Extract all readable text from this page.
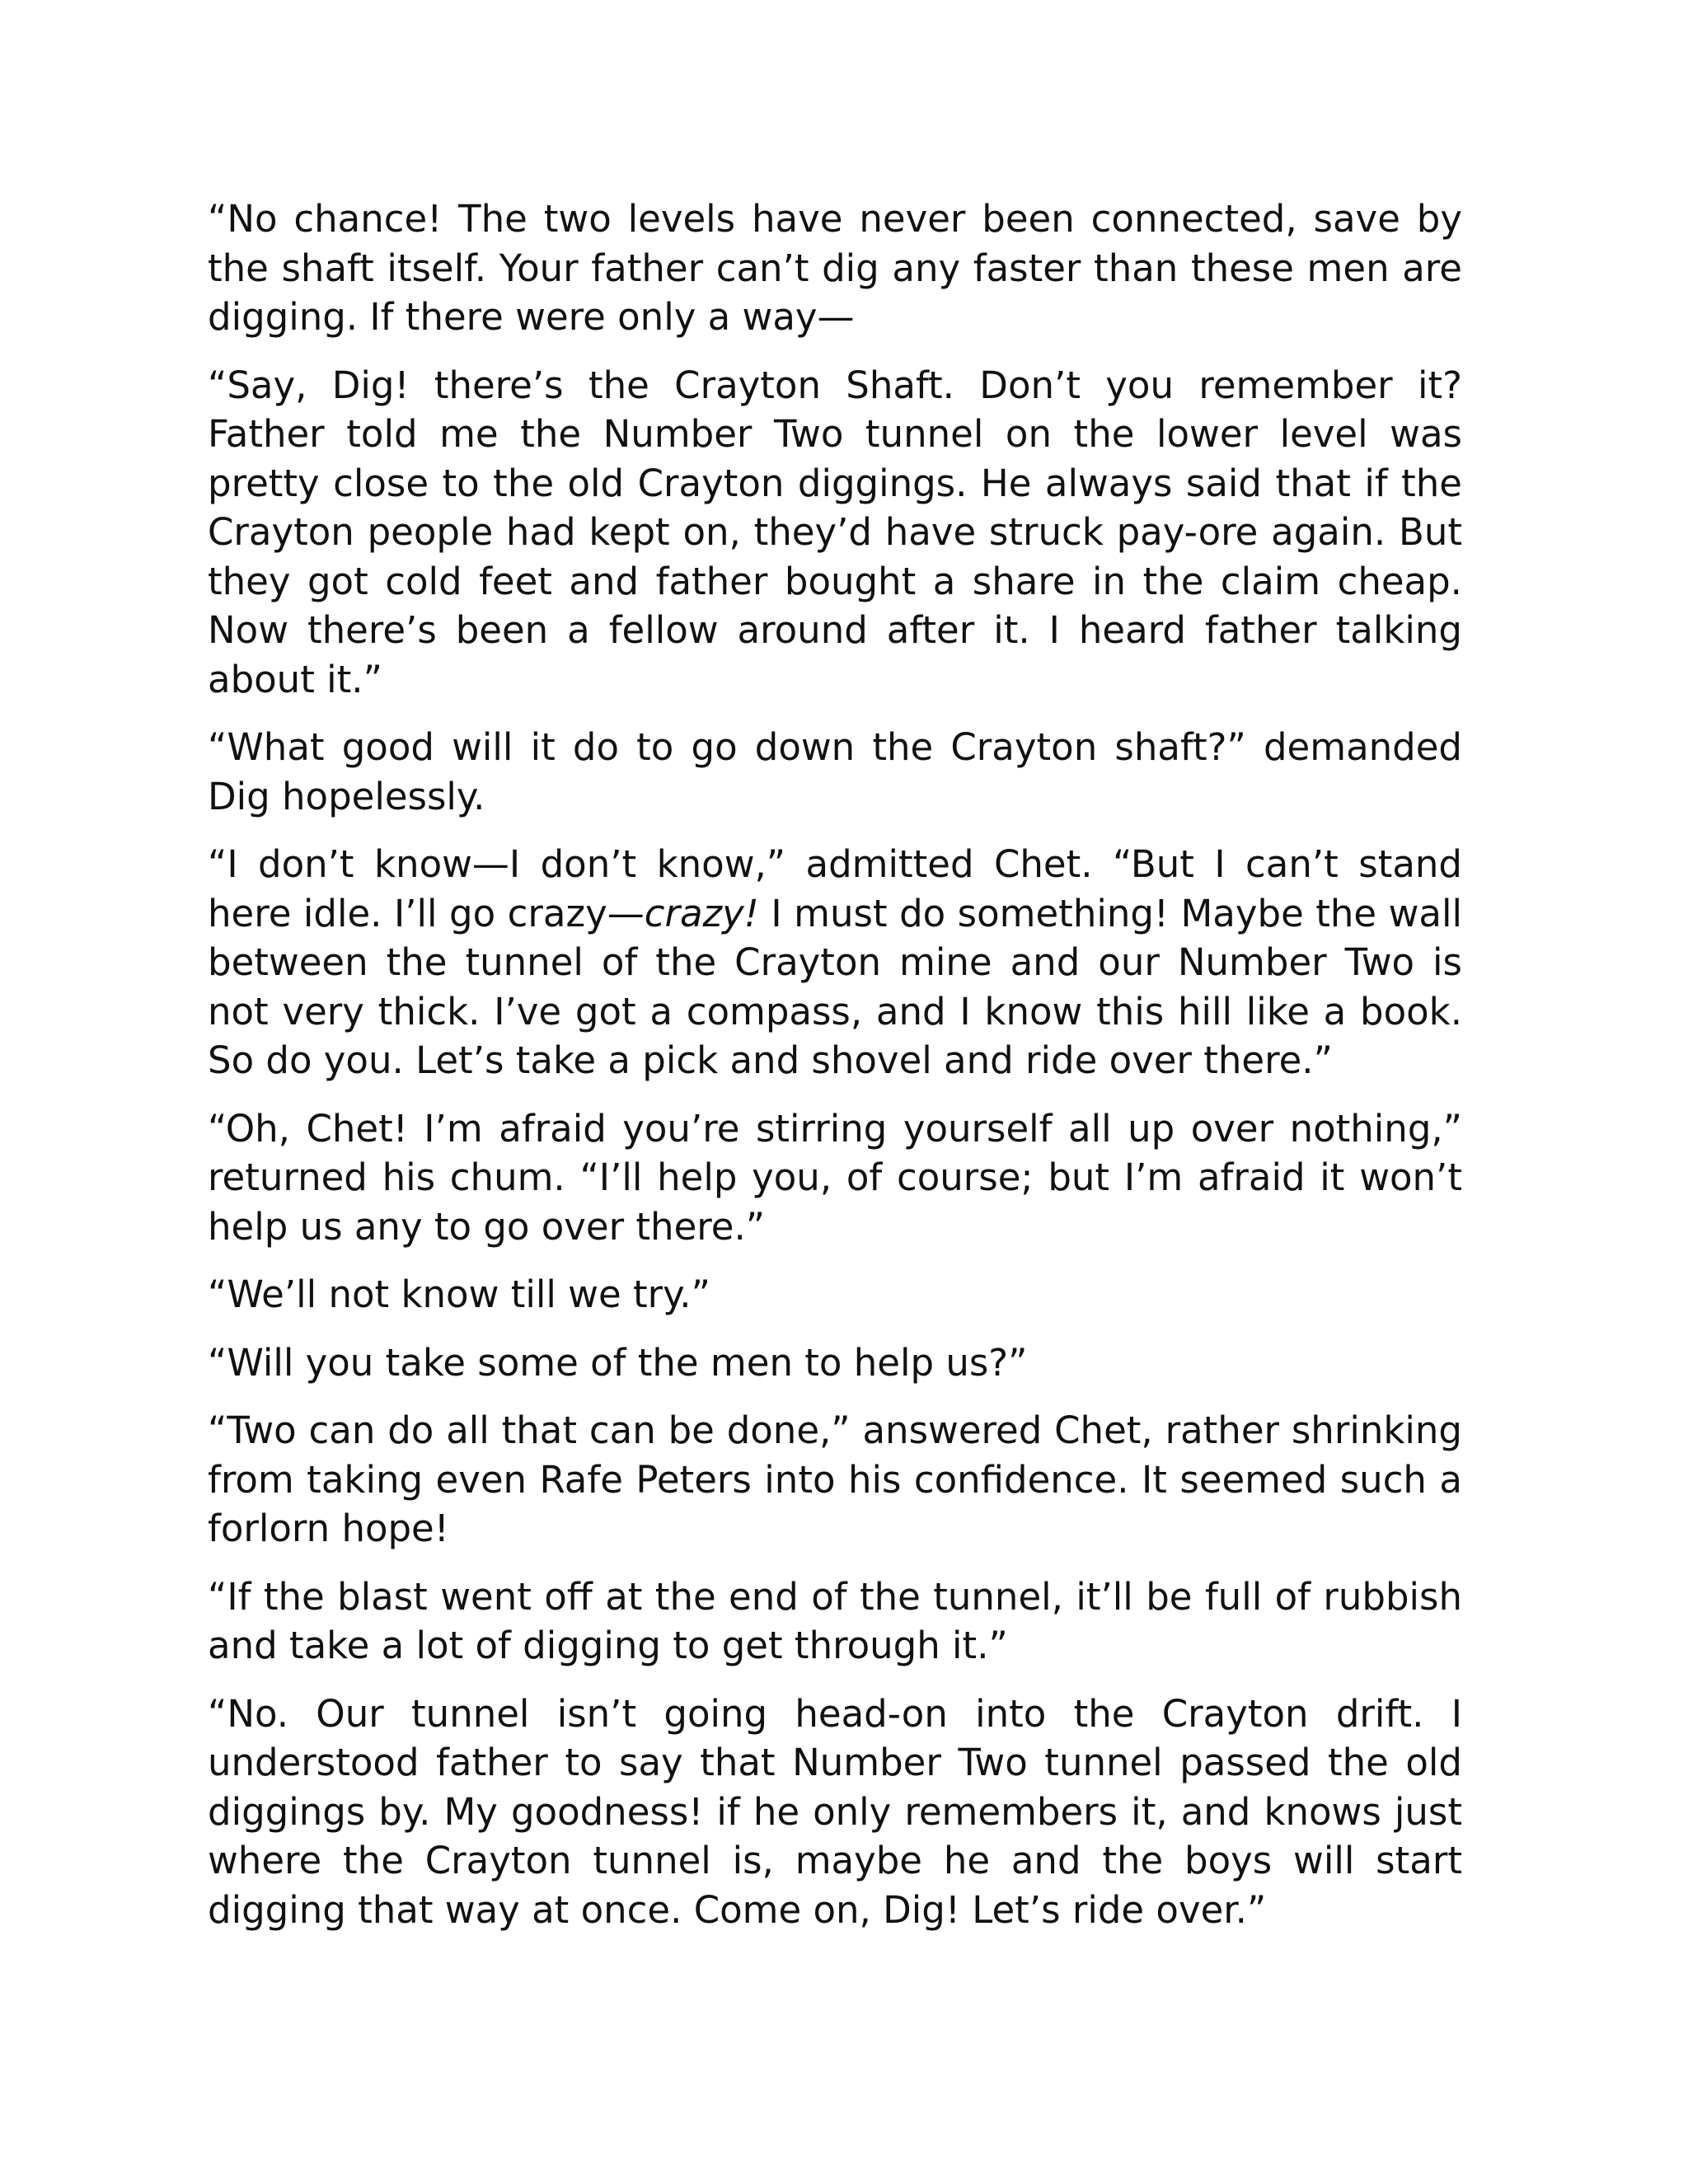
“No chance! The two levels have never been connected, save by the shaft itself. Your father can’t dig any faster than these men are digging. If there were only a way—

“Say, Dig! there’s the Crayton Shaft. Don’t you remember it? Father told me the Number Two tunnel on the lower level was pretty close to the old Crayton diggings. He always said that if the Crayton people had kept on, they’d have struck pay-ore again. But they got cold feet and father bought a share in the claim cheap. Now there’s been a fellow around after it. I heard father talking about it.”

“What good will it do to go down the Crayton shaft?” demanded Dig hopelessly.

“I don’t know—I don’t know,” admitted Chet. “But I can’t stand here idle. I’ll go crazy—crazy! I must do something! Maybe the wall between the tunnel of the Crayton mine and our Number Two is not very thick. I’ve got a compass, and I know this hill like a book. So do you. Let’s take a pick and shovel and ride over there.”

“Oh, Chet! I’m afraid you’re stirring yourself all up over nothing,” returned his chum. “I’ll help you, of course; but I’m afraid it won’t help us any to go over there.”

“We’ll not know till we try.”

“Will you take some of the men to help us?”

“Two can do all that can be done,” answered Chet, rather shrinking from taking even Rafe Peters into his confidence. It seemed such a forlorn hope!

“If the blast went off at the end of the tunnel, it’ll be full of rubbish and take a lot of digging to get through it.”

“No. Our tunnel isn’t going head-on into the Crayton drift. I understood father to say that Number Two tunnel passed the old diggings by. My goodness! if he only remembers it, and knows just where the Crayton tunnel is, maybe he and the boys will start digging that way at once. Come on, Dig! Let’s ride over.”
